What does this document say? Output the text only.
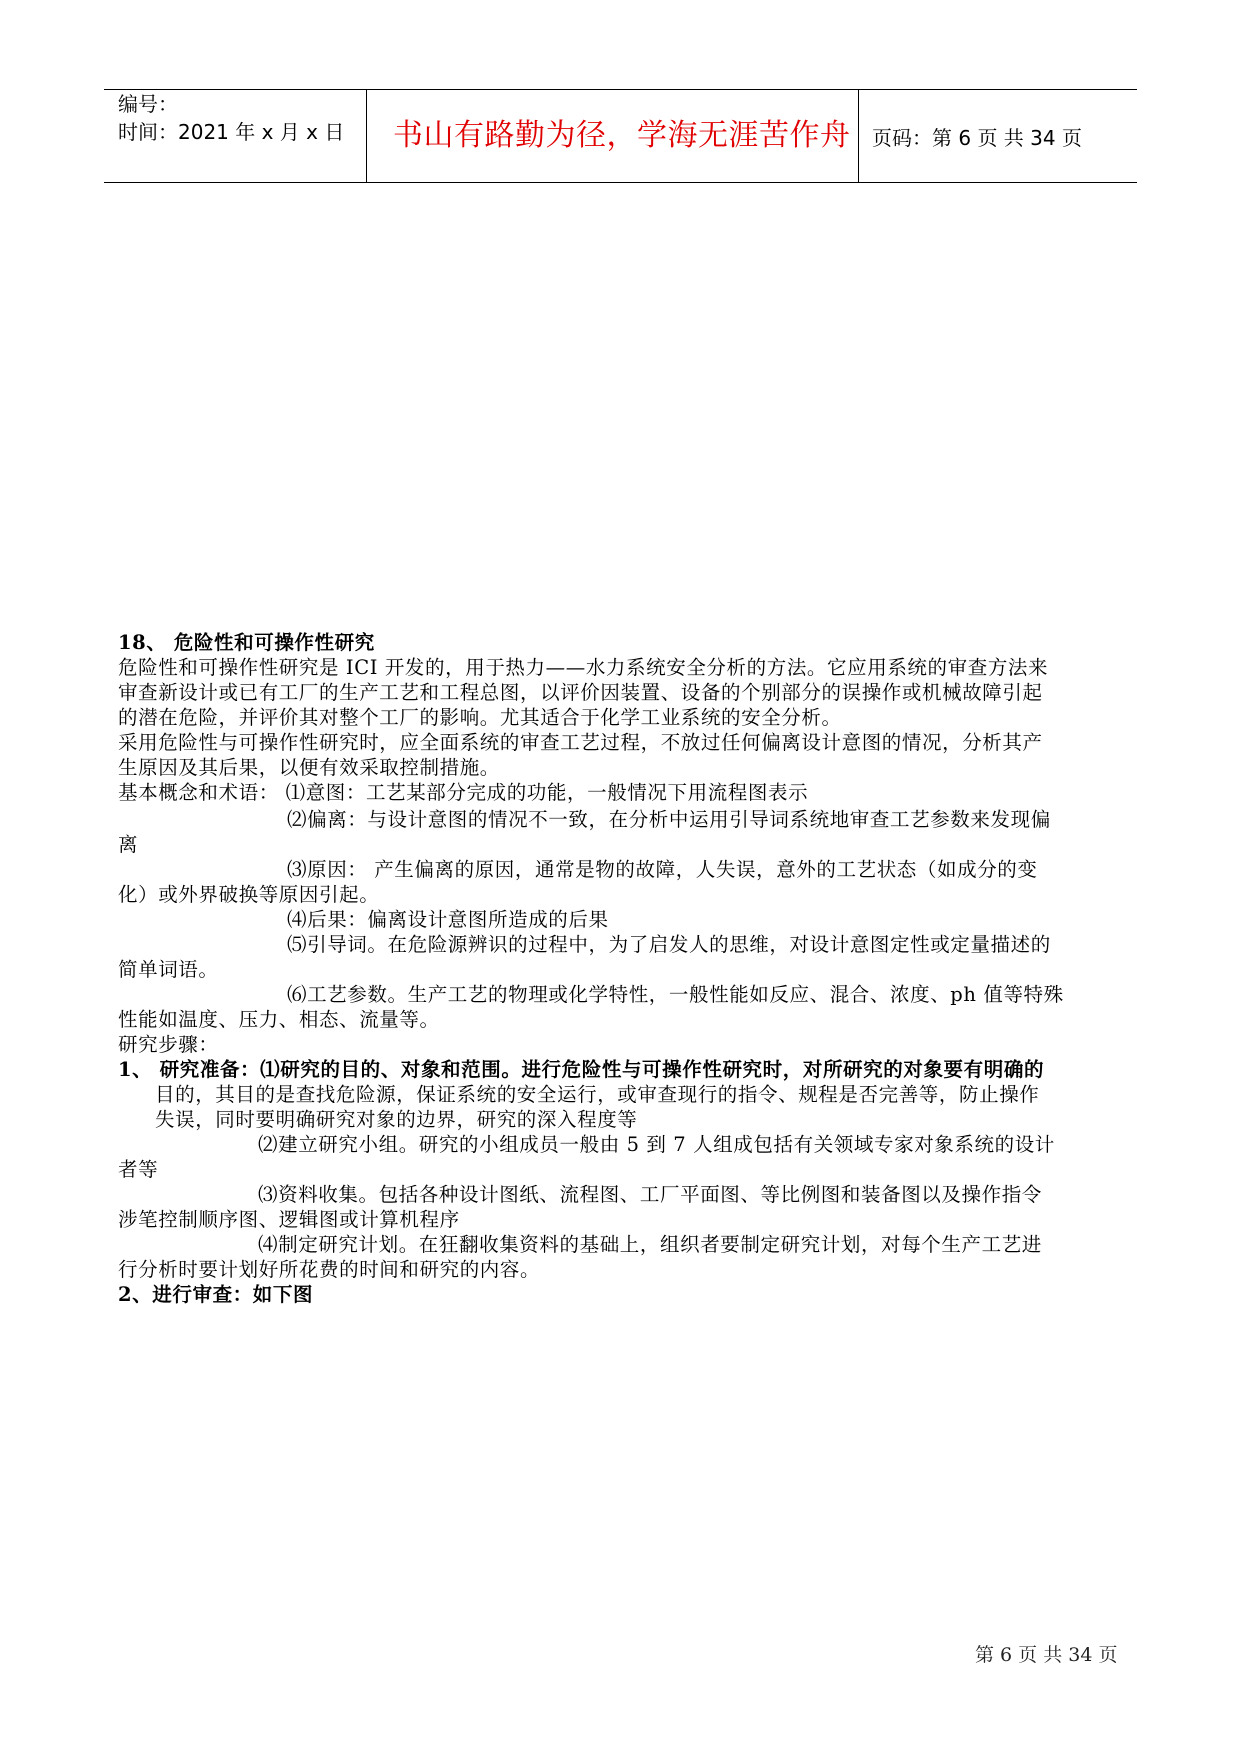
编号：
时间：2021 年 x 月 x 日 书山有路勤为径，学海无涯苦作舟 页码：第 6 页 共 34 页
18、 危险性和可操作性研究
危险性和可操作性研究是 ICI 开发的，用于热力——水力系统安全分析的方法。它应用系统的审查方法来
审查新设计或已有工厂的生产工艺和工程总图，以评价因装置、设备的个别部分的误操作或机械故障引起
的潜在危险，并评价其对整个工厂的影响。尤其适合于化学工业系统的安全分析。
采用危险性与可操作性研究时，应全面系统的审查工艺过程，不放过任何偏离设计意图的情况，分析其产
生原因及其后果，以便有效采取控制措施。
基本概念和术语： ⑴意图：工艺某部分完成的功能，一般情况下用流程图表示
⑵偏离：与设计意图的情况不一致，在分析中运用引导词系统地审查工艺参数来发现偏
离
⑶原因： 产生偏离的原因，通常是物的故障，人失误，意外的工艺状态（如成分的变
化）或外界破换等原因引起。
⑷后果：偏离设计意图所造成的后果
⑸引导词。在危险源辨识的过程中，为了启发人的思维，对设计意图定性或定量描述的
简单词语。
⑹工艺参数。生产工艺的物理或化学特性，一般性能如反应、混合、浓度、ph 值等特殊
性能如温度、压力、相态、流量等。
研究步骤：
1、 研究准备：⑴研究的目的、对象和范围。进行危险性与可操作性研究时，对所研究的对象要有明确的
目的，其目的是查找危险源，保证系统的安全运行，或审查现行的指令、规程是否完善等，防止操作
失误，同时要明确研究对象的边界，研究的深入程度等
⑵建立研究小组。研究的小组成员一般由 5 到 7 人组成包括有关领域专家对象系统的设计
者等
⑶资料收集。包括各种设计图纸、流程图、工厂平面图、等比例图和装备图以及操作指令
涉笔控制顺序图、逻辑图或计算机程序
⑷制定研究计划。在狂翻收集资料的基础上，组织者要制定研究计划，对每个生产工艺进
行分析时要计划好所花费的时间和研究的内容。
2、进行审查：如下图
第 6 页 共 34 页
